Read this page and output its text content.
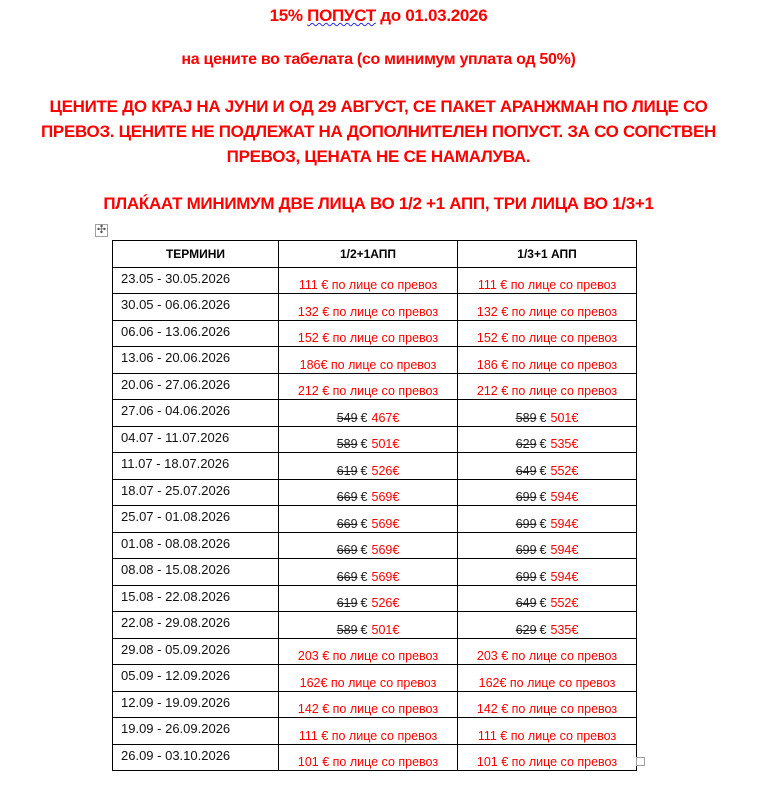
15% ПОПУСТ до 01.03.2026
на цените во табелата (со минимум уплата од 50%)
ЦЕНИТЕ ДО КРАЈ НА ЈУНИ И ОД 29 АВГУСТ, СЕ ПАКЕТ АРАНЖМАН ПО ЛИЦЕ СО
ПРЕВОЗ. ЦЕНИТЕ НЕ ПОДЛЕЖАТ НА ДОПОЛНИТЕЛЕН ПОПУСТ. ЗА СО СОПСТВЕН
ПРЕВОЗ, ЦЕНАТА НЕ СЕ НАМАЛУВА.
ПЛАЌААТ МИНИМУМ ДВЕ ЛИЦА ВО 1/2 +1 АПП, ТРИ ЛИЦА ВО 1/3+1
✣
ТЕРМИНИ	1/2+1АПП	1/3+1 АПП
23.05 - 30.05.2026	111 € по лице со превоз	111 € по лице со превоз
30.05 - 06.06.2026	132 € по лице со превоз	132 € по лице со превоз
06.06 - 13.06.2026	152 € по лице со превоз	152 € по лице со превоз
13.06 - 20.06.2026	186€ по лице со превоз	186 € по лице со превоз
20.06 - 27.06.2026	212 € по лице со превоз	212 € по лице со превоз
27.06 - 04.06.2026	549 € 467€	589 € 501€
04.07 - 11.07.2026	589 € 501€	629 € 535€
11.07 - 18.07.2026	619 € 526€	649 € 552€
18.07 - 25.07.2026	669 € 569€	699 € 594€
25.07 - 01.08.2026	669 € 569€	699 € 594€
01.08 - 08.08.2026	669 € 569€	699 € 594€
08.08 - 15.08.2026	669 € 569€	699 € 594€
15.08 - 22.08.2026	619 € 526€	649 € 552€
22.08 - 29.08.2026	589 € 501€	629 € 535€
29.08 - 05.09.2026	203 € по лице со превоз	203 € по лице со превоз
05.09 - 12.09.2026	162€ по лице со превоз	162€ по лице со превоз
12.09 - 19.09.2026	142 € по лице со превоз	142 € по лице со превоз
19.09 - 26.09.2026	111 € по лице со превоз	111 € по лице со превоз
26.09 - 03.10.2026	101 € по лице со превоз	101 € по лице со превоз
